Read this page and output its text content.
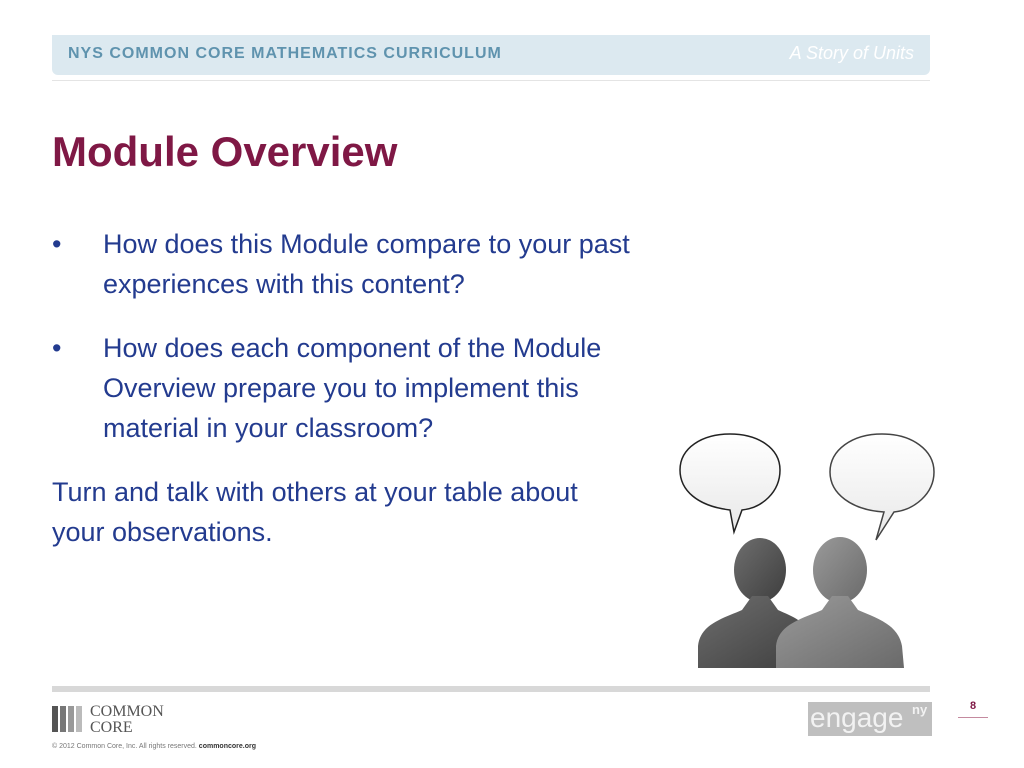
NYS COMMON CORE MATHEMATICS CURRICULUM	A Story of Units
Module Overview
• How does this Module compare to your past experiences with this content?
• How does each component of the Module Overview prepare you to implement this material in your classroom?
Turn and talk with others at your table about your observations.
COMMON
CORE
© 2012 Common Core, Inc. All rights reserved. commoncore.org
engage ny	8
